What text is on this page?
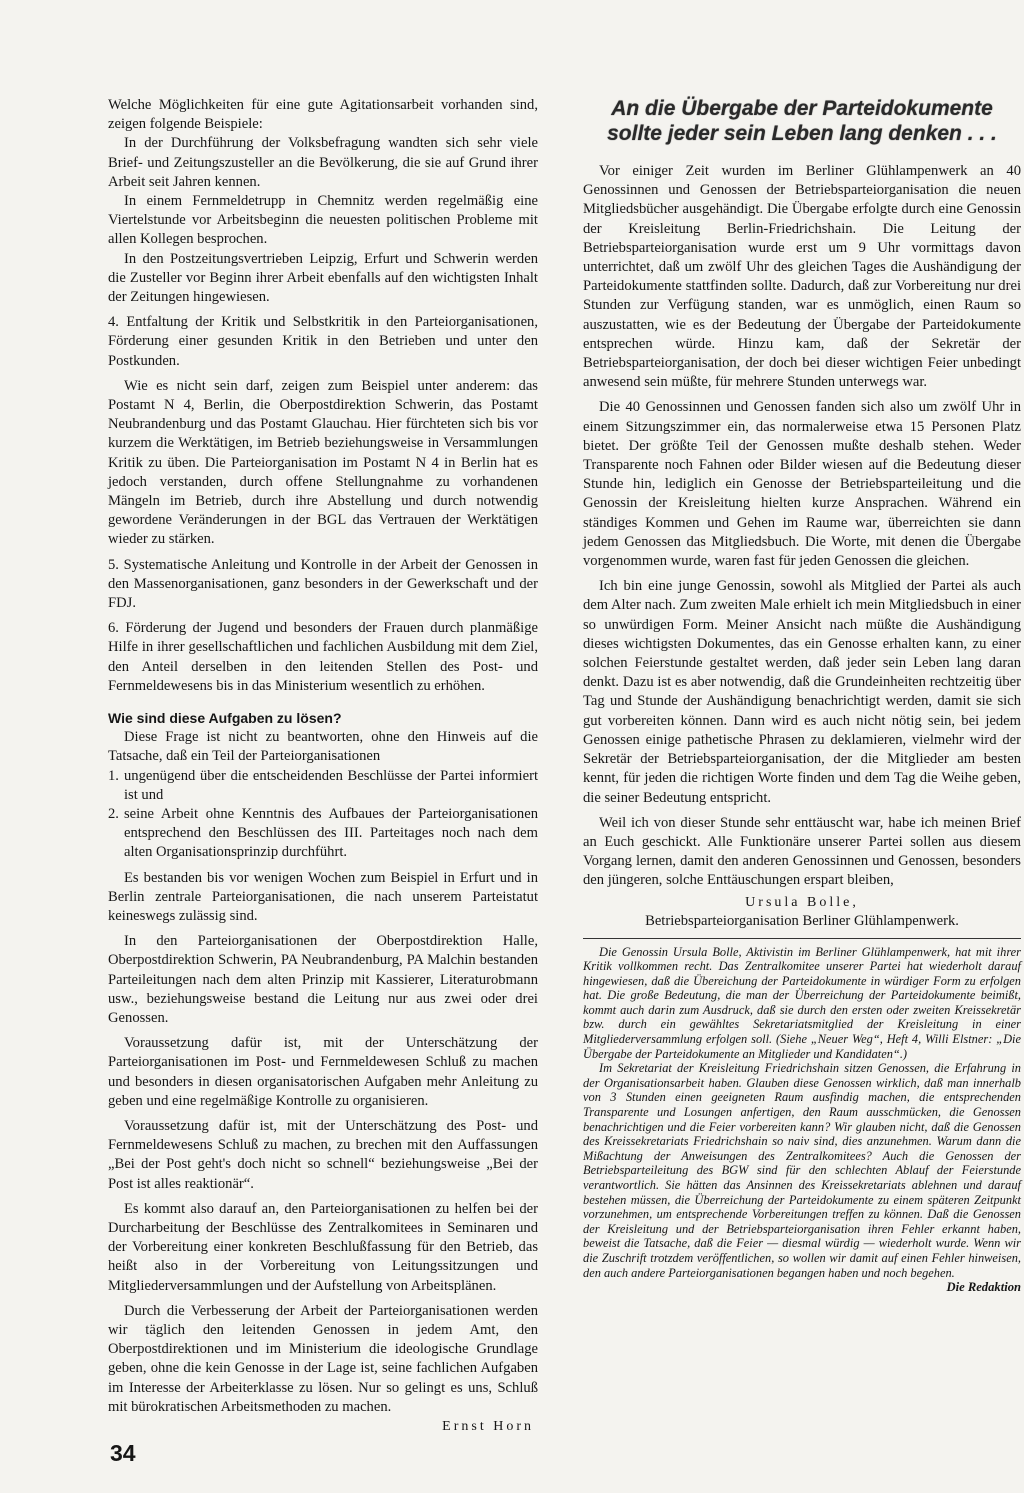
Welche Möglichkeiten für eine gute Agitationsarbeit vorhanden sind, zeigen folgende Beispiele:

In der Durchführung der Volksbefragung wandten sich sehr viele Brief- und Zeitungszusteller an die Bevölkerung, die sie auf Grund ihrer Arbeit seit Jahren kennen.

In einem Fernmeldetrupp in Chemnitz werden regelmäßig eine Viertelstunde vor Arbeitsbeginn die neuesten politischen Probleme mit allen Kollegen besprochen.

In den Postzeitungsvertrieben Leipzig, Erfurt und Schwerin werden die Zusteller vor Beginn ihrer Arbeit ebenfalls auf den wichtigsten Inhalt der Zeitungen hingewiesen.

4. Entfaltung der Kritik und Selbstkritik in den Parteiorganisationen, Förderung einer gesunden Kritik in den Betrieben und unter den Postkunden.

Wie es nicht sein darf, zeigen zum Beispiel unter anderem: das Postamt N 4, Berlin, die Oberpostdirektion Schwerin, das Postamt Neubrandenburg und das Postamt Glauchau. Hier fürchteten sich bis vor kurzem die Werktätigen, im Betrieb beziehungsweise in Versammlungen Kritik zu üben. Die Parteiorganisation im Postamt N 4 in Berlin hat es jedoch verstanden, durch offene Stellungnahme zu vorhandenen Mängeln im Betrieb, durch ihre Abstellung und durch notwendig gewordene Veränderungen in der BGL das Vertrauen der Werktätigen wieder zu stärken.

5. Systematische Anleitung und Kontrolle in der Arbeit der Genossen in den Massenorganisationen, ganz besonders in der Gewerkschaft und der FDJ.

6. Förderung der Jugend und besonders der Frauen durch planmäßige Hilfe in ihrer gesellschaftlichen und fachlichen Ausbildung mit dem Ziel, den Anteil derselben in den leitenden Stellen des Post- und Fernmeldewesens bis in das Ministerium wesentlich zu erhöhen.

Wie sind diese Aufgaben zu lösen?

Diese Frage ist nicht zu beantworten, ohne den Hinweis auf die Tatsache, daß ein Teil der Parteiorganisationen

1. ungenügend über die entscheidenden Beschlüsse der Partei informiert ist und
2. seine Arbeit ohne Kenntnis des Aufbaues der Parteiorganisationen entsprechend den Beschlüssen des III. Parteitages noch nach dem alten Organisationsprinzip durchführt.

Es bestanden bis vor wenigen Wochen zum Beispiel in Erfurt und in Berlin zentrale Parteiorganisationen, die nach unserem Parteistatut keineswegs zulässig sind.

In den Parteiorganisationen der Oberpostdirektion Halle, Oberpostdirektion Schwerin, PA Neubrandenburg, PA Malchin bestanden Parteileitungen nach dem alten Prinzip mit Kassierer, Literaturobmann usw., beziehungsweise bestand die Leitung nur aus zwei oder drei Genossen.

Voraussetzung dafür ist, mit der Unterschätzung der Parteiorganisationen im Post- und Fernmeldewesen Schluß zu machen und besonders in diesen organisatorischen Aufgaben mehr Anleitung zu geben und eine regelmäßige Kontrolle zu organisieren.

Voraussetzung dafür ist, mit der Unterschätzung des Post- und Fernmeldewesens Schluß zu machen, zu brechen mit den Auffassungen „Bei der Post geht's doch nicht so schnell“ beziehungsweise „Bei der Post ist alles reaktionär“.

Es kommt also darauf an, den Parteiorganisationen zu helfen bei der Durcharbeitung der Beschlüsse des Zentralkomitees in Seminaren und der Vorbereitung einer konkreten Beschlußfassung für den Betrieb, das heißt also in der Vorbereitung von Leitungssitzungen und Mitgliederversammlungen und der Aufstellung von Arbeitsplänen.

Durch die Verbesserung der Arbeit der Parteiorganisationen werden wir täglich den leitenden Genossen in jedem Amt, den Oberpostdirektionen und im Ministerium die ideologische Grundlage geben, ohne die kein Genosse in der Lage ist, seine fachlichen Aufgaben im Interesse der Arbeiterklasse zu lösen. Nur so gelingt es uns, Schluß mit bürokratischen Arbeitsmethoden zu machen.

Ernst Horn
An die Übergabe der Parteidokumente
sollte jeder sein Leben lang denken . . .

Vor einiger Zeit wurden im Berliner Glühlampenwerk an 40 Genossinnen und Genossen der Betriebsparteiorganisation die neuen Mitgliedsbücher ausgehändigt. Die Übergabe erfolgte durch eine Genossin der Kreisleitung Berlin-Friedrichshain. Die Leitung der Betriebsparteiorganisation wurde erst um 9 Uhr vormittags davon unterrichtet, daß um zwölf Uhr des gleichen Tages die Aushändigung der Parteidokumente stattfinden sollte. Dadurch, daß zur Vorbereitung nur drei Stunden zur Verfügung standen, war es unmöglich, einen Raum so auszustatten, wie es der Bedeutung der Übergabe der Parteidokumente entsprechen würde. Hinzu kam, daß der Sekretär der Betriebsparteiorganisation, der doch bei dieser wichtigen Feier unbedingt anwesend sein müßte, für mehrere Stunden unterwegs war.

Die 40 Genossinnen und Genossen fanden sich also um zwölf Uhr in einem Sitzungszimmer ein, das normalerweise etwa 15 Personen Platz bietet. Der größte Teil der Genossen mußte deshalb stehen. Weder Transparente noch Fahnen oder Bilder wiesen auf die Bedeutung dieser Stunde hin, lediglich ein Genosse der Betriebsparteileitung und die Genossin der Kreisleitung hielten kurze Ansprachen. Während ein ständiges Kommen und Gehen im Raume war, überreichten sie dann jedem Genossen das Mitgliedsbuch. Die Worte, mit denen die Übergabe vorgenommen wurde, waren fast für jeden Genossen die gleichen.

Ich bin eine junge Genossin, sowohl als Mitglied der Partei als auch dem Alter nach. Zum zweiten Male erhielt ich mein Mitgliedsbuch in einer so unwürdigen Form. Meiner Ansicht nach müßte die Aushändigung dieses wichtigsten Dokumentes, das ein Genosse erhalten kann, zu einer solchen Feierstunde gestaltet werden, daß jeder sein Leben lang daran denkt. Dazu ist es aber notwendig, daß die Grundeinheiten rechtzeitig über Tag und Stunde der Aushändigung benachrichtigt werden, damit sie sich gut vorbereiten können. Dann wird es auch nicht nötig sein, bei jedem Genossen einige pathetische Phrasen zu deklamieren, vielmehr wird der Sekretär der Betriebsparteiorganisation, der die Mitglieder am besten kennt, für jeden die richtigen Worte finden und dem Tag die Weihe geben, die seiner Bedeutung entspricht.

Weil ich von dieser Stunde sehr enttäuscht war, habe ich meinen Brief an Euch geschickt. Alle Funktionäre unserer Partei sollen aus diesem Vorgang lernen, damit den anderen Genossinnen und Genossen, besonders den jüngeren, solche Enttäuschungen erspart bleiben,

Ursula Bolle,
Betriebsparteiorganisation Berliner Glühlampenwerk.

Die Genossin Ursula Bolle, Aktivistin im Berliner Glühlampenwerk, hat mit ihrer Kritik vollkommen recht. Das Zentralkomitee unserer Partei hat wiederholt darauf hingewiesen, daß die Übereichung der Parteidokumente in würdiger Form zu erfolgen hat. Die große Bedeutung, die man der Überreichung der Parteidokumente beimißt, kommt auch darin zum Ausdruck, daß sie durch den ersten oder zweiten Kreissekretär bzw. durch ein gewähltes Sekretariatsmitglied der Kreisleitung in einer Mitgliederversammlung erfolgen soll. (Siehe „Neuer Weg“, Heft 4, Willi Elstner: „Die Übergabe der Parteidokumente an Mitglieder und Kandidaten“.)

Im Sekretariat der Kreisleitung Friedrichshain sitzen Genossen, die Erfahrung in der Organisationsarbeit haben. Glauben diese Genossen wirklich, daß man innerhalb von 3 Stunden einen geeigneten Raum ausfindig machen, die entsprechenden Transparente und Losungen anfertigen, den Raum ausschmücken, die Genossen benachrichtigen und die Feier vorbereiten kann? Wir glauben nicht, daß die Genossen des Kreissekretariats Friedrichshain so naiv sind, dies anzunehmen. Warum dann die Mißachtung der Anweisungen des Zentralkomitees? Auch die Genossen der Betriebsparteileitung des BGW sind für den schlechten Ablauf der Feierstunde verantwortlich. Sie hätten das Ansinnen des Kreissekretariats ablehnen und darauf bestehen müssen, die Überreichung der Parteidokumente zu einem späteren Zeitpunkt vorzunehmen, um entsprechende Vorbereitungen treffen zu können. Daß die Genossen der Kreisleitung und der Betriebsparteiorganisation ihren Fehler erkannt haben, beweist die Tatsache, daß die Feier — diesmal würdig — wiederholt wurde. Wenn wir die Zuschrift trotzdem veröffentlichen, so wollen wir damit auf einen Fehler hinweisen, den auch andere Parteiorganisationen begangen haben und noch begehen.

Die Redaktion
34
